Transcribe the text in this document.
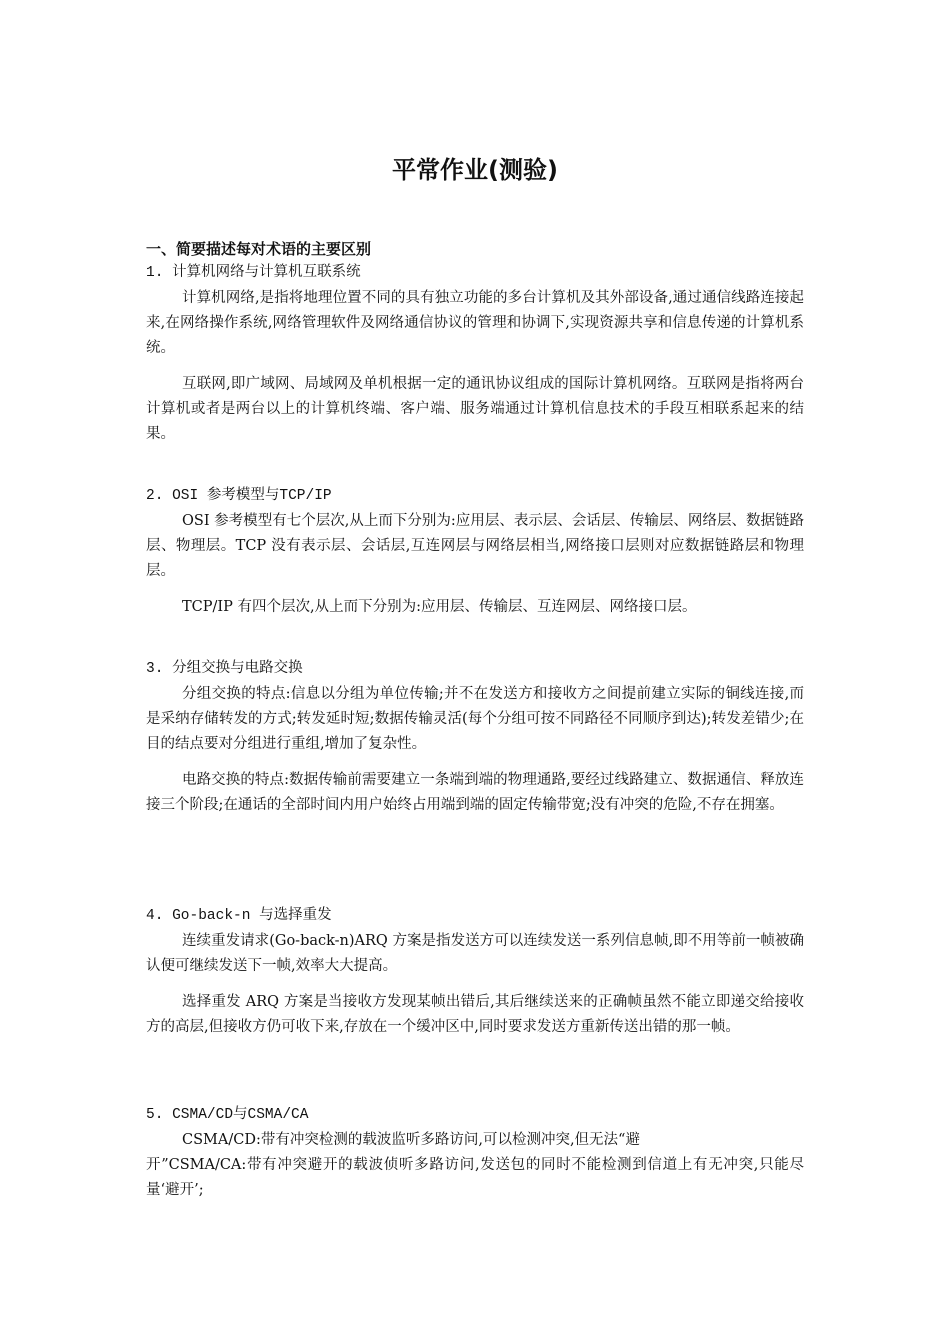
平常作业(测验)
一、简要描述每对术语的主要区别
1. 计算机网络与计算机互联系统
计算机网络,是指将地理位置不同的具有独立功能的多台计算机及其外部设备,通过通信线路连接起来,在网络操作系统,网络管理软件及网络通信协议的管理和协调下,实现资源共享和信息传递的计算机系统。
互联网,即广域网、局域网及单机根据一定的通讯协议组成的国际计算机网络。互联网是指将两台计算机或者是两台以上的计算机终端、客户端、服务端通过计算机信息技术的手段互相联系起来的结果。
2. OSI 参考模型与TCP/IP
OSI 参考模型有七个层次,从上而下分别为:应用层、表示层、会话层、传输层、网络层、数据链路层、物理层。TCP 没有表示层、会话层,互连网层与网络层相当,网络接口层则对应数据链路层和物理层。
TCP/IP 有四个层次,从上而下分别为:应用层、传输层、互连网层、网络接口层。
3. 分组交换与电路交换
分组交换的特点:信息以分组为单位传输;并不在发送方和接收方之间提前建立实际的铜线连接,而是采纳存储转发的方式;转发延时短;数据传输灵活(每个分组可按不同路径不同顺序到达);转发差错少;在目的结点要对分组进行重组,增加了复杂性。
电路交换的特点:数据传输前需要建立一条端到端的物理通路,要经过线路建立、数据通信、释放连接三个阶段;在通话的全部时间内用户始终占用端到端的固定传输带宽;没有冲突的危险,不存在拥塞。
4. Go-back-n 与选择重发
连续重发请求(Go-back-n)ARQ 方案是指发送方可以连续发送一系列信息帧,即不用等前一帧被确认便可继续发送下一帧,效率大大提高。
选择重发 ARQ 方案是当接收方发现某帧出错后,其后继续送来的正确帧虽然不能立即递交给接收方的高层,但接收方仍可收下来,存放在一个缓冲区中,同时要求发送方重新传送出错的那一帧。
5. CSMA/CD与CSMA/CA
CSMA/CD:带有冲突检测的载波监听多路访问,可以检测冲突,但无法“避
开”CSMA/CA:带有冲突避开的载波侦听多路访问,发送包的同时不能检测到信道上有无冲突,只能尽量‘避开’;
